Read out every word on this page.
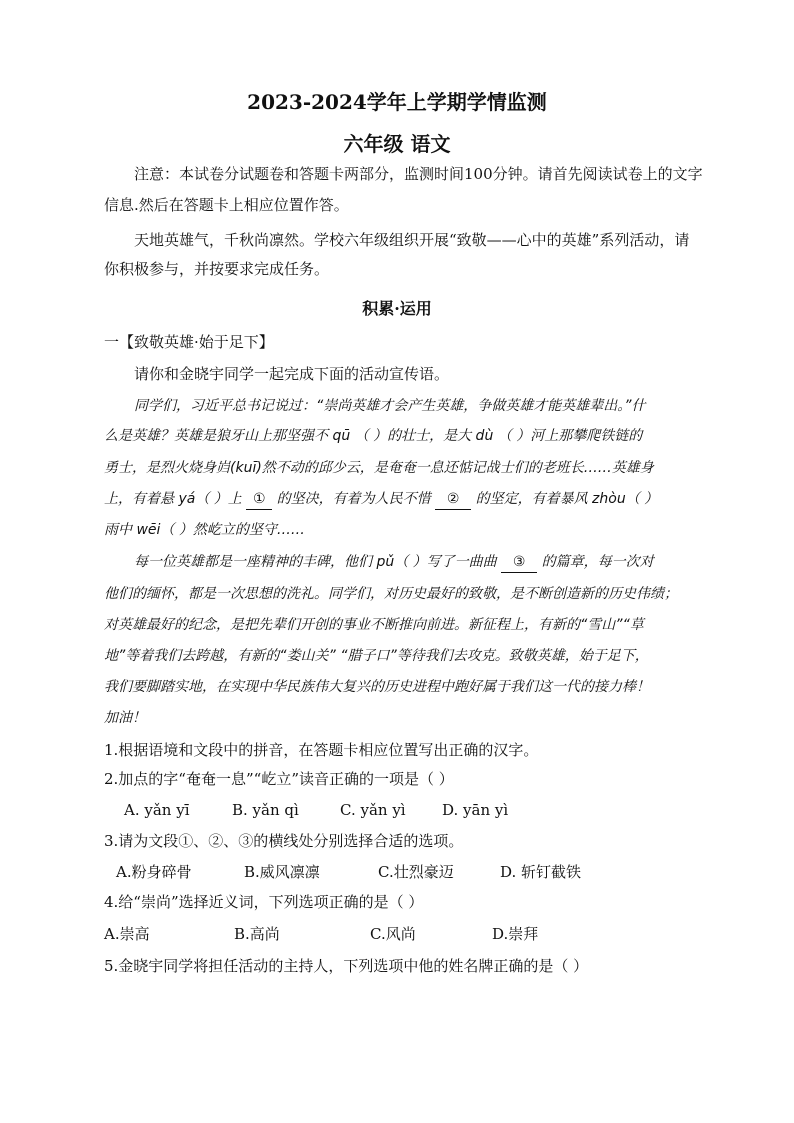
2023-2024学年上学期学情监测
六年级 语文
注意：本试卷分试题卷和答题卡两部分，监测时间100分钟。请首先阅读试卷上的文字
信息.然后在答题卡上相应位置作答。
天地英雄气，千秋尚凛然。学校六年级组织开展“致敬——心中的英雄”系列活动，请
你积极参与，并按要求完成任务。
积累·运用
一【致敬英雄·始于足下】
请你和金晓宇同学一起完成下面的活动宣传语。
同学们，习近平总书记说过：“崇尚英雄才会产生英雄，争做英雄才能英雄辈出。”什
么是英雄？英雄是狼牙山上那坚强不 qū （ ）的壮士，是大 dù （ ）河上那攀爬铁链的
勇士，是烈火烧身岿(kuī)然不动的邱少云，是奄奄一息还惦记战士们的老班长……英雄身
上，有着悬 yá（ ）上 ① 的坚决，有着为人民不惜 ② 的坚定，有着暴风 zhòu（ ）
雨中 wēi（ ）然屹立的坚守……
每一位英雄都是一座精神的丰碑，他们 pǔ（ ）写了一曲曲 ③ 的篇章，每一次对
他们的缅怀，都是一次思想的洗礼。同学们，对历史最好的致敬，是不断创造新的历史伟绩；
对英雄最好的纪念，是把先辈们开创的事业不断推向前进。新征程上，有新的“雪山”“草
地”等着我们去跨越，有新的“娄山关” “腊子口”等待我们去攻克。致敬英雄，始于足下，
我们要脚踏实地，在实现中华民族伟大复兴的历史进程中跑好属于我们这一代的接力棒！
加油！
1.根据语境和文段中的拼音，在答题卡相应位置写出正确的汉字。
2.加点的字“奄奄一息”“屹立”读音正确的一项是（ ）
A. yǎn yī	B. yǎn qì	C. yǎn yì D. yān yì
3.请为文段①、②、③的横线处分别选择合适的选项。
A.粉身碎骨	B.威风凛凛	C.壮烈豪迈	D. 斩钉截铁
4.给“崇尚”选择近义词，下列选项正确的是（ ）
A.崇高	B.高尚	C.风尚	D.崇拜
5.金晓宇同学将担任活动的主持人，下列选项中他的姓名牌正确的是（ ）
